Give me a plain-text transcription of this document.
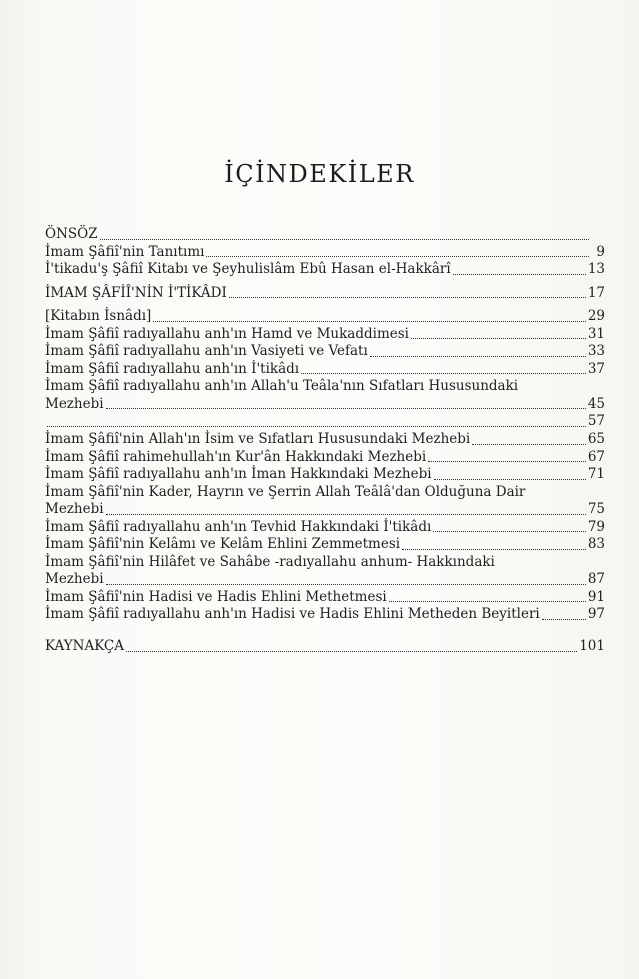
İÇİNDEKİLER
ÖNSÖZ
İmam Şâfiî'nin Tanıtımı	9
İ'tikadu'ş Şâfiî Kitabı ve Şeyhulislâm Ebû Hasan el-Hakkârî	13
İMAM ŞÂFİÎ'NİN İ'TİKÂDI	17
[Kitabın İsnâdı]	29
İmam Şâfiî radıyallahu anh'ın Hamd ve Mukaddimesi	31
İmam Şâfiî radıyallahu anh'ın Vasiyeti ve Vefatı	33
İmam Şâfiî radıyallahu anh'ın İ'tikâdı	37
İmam Şâfiî radıyallahu anh'ın Allah'u Teâla'nın Sıfatları Hususundaki
Mezhebi	45
57
İmam Şâfiî'nin Allah'ın İsim ve Sıfatları Hususundaki Mezhebi	65
İmam Şâfiî rahimehullah'ın Kur'ân Hakkındaki Mezhebi	67
İmam Şâfiî radıyallahu anh'ın İman Hakkındaki Mezhebi	71
İmam Şâfiî'nin Kader, Hayrın ve Şerrin Allah Teâlâ'dan Olduğuna Dair
Mezhebi	75
İmam Şâfiî radıyallahu anh'ın Tevhid Hakkındaki İ'tikâdı	79
İmam Şâfiî'nin Kelâmı ve Kelâm Ehlini Zemmetmesi	83
İmam Şâfiî'nin Hilâfet ve Sahâbe -radıyallahu anhum- Hakkındaki
Mezhebi	87
İmam Şâfiî'nin Hadisi ve Hadis Ehlini Methetmesi	91
İmam Şâfiî radıyallahu anh'ın Hadisi ve Hadis Ehlini Metheden Beyitleri	97
KAYNAKÇA	101
